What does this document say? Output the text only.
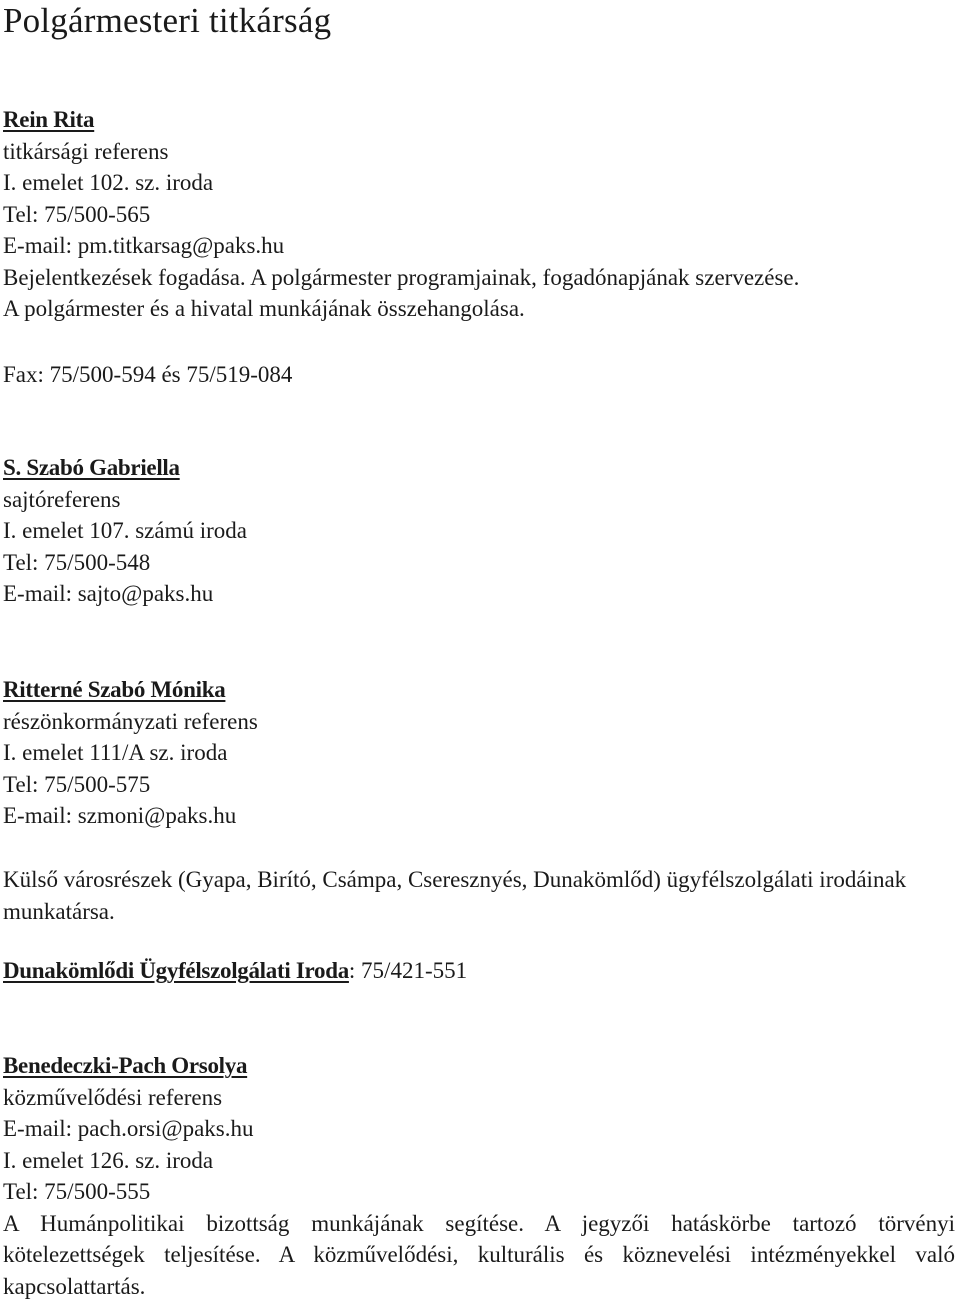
Polgármesteri titkárság
Rein Rita
titkársági referens
I. emelet 102. sz. iroda
Tel: 75/500-565
E-mail: pm.titkarsag@paks.hu
Bejelentkezések fogadása. A polgármester programjainak, fogadónapjának szervezése.
A polgármester és a hivatal munkájának összehangolása.
Fax: 75/500-594 és 75/519-084
S. Szabó Gabriella
sajtóreferens
I. emelet 107. számú iroda
Tel: 75/500-548
E-mail: sajto@paks.hu
Ritterné Szabó Mónika
részönkormányzati referens
I. emelet 111/A sz. iroda
Tel: 75/500-575
E-mail: szmoni@paks.hu
Külső városrészek (Gyapa, Birító, Csámpa, Cseresznyés, Dunakömlőd) ügyfélszolgálati irodáinak munkatársa.
Dunakömlődi Ügyfélszolgálati Iroda: 75/421-551
Benedeczki-Pach Orsolya
közművelődési referens
E-mail: pach.orsi@paks.hu
I. emelet 126. sz. iroda
Tel: 75/500-555
A Humánpolitikai bizottság munkájának segítése. A jegyzői hatáskörbe tartozó törvényi kötelezettségek teljesítése. A közművelődési, kulturális és köznevelési intézményekkel való kapcsolattartás.
